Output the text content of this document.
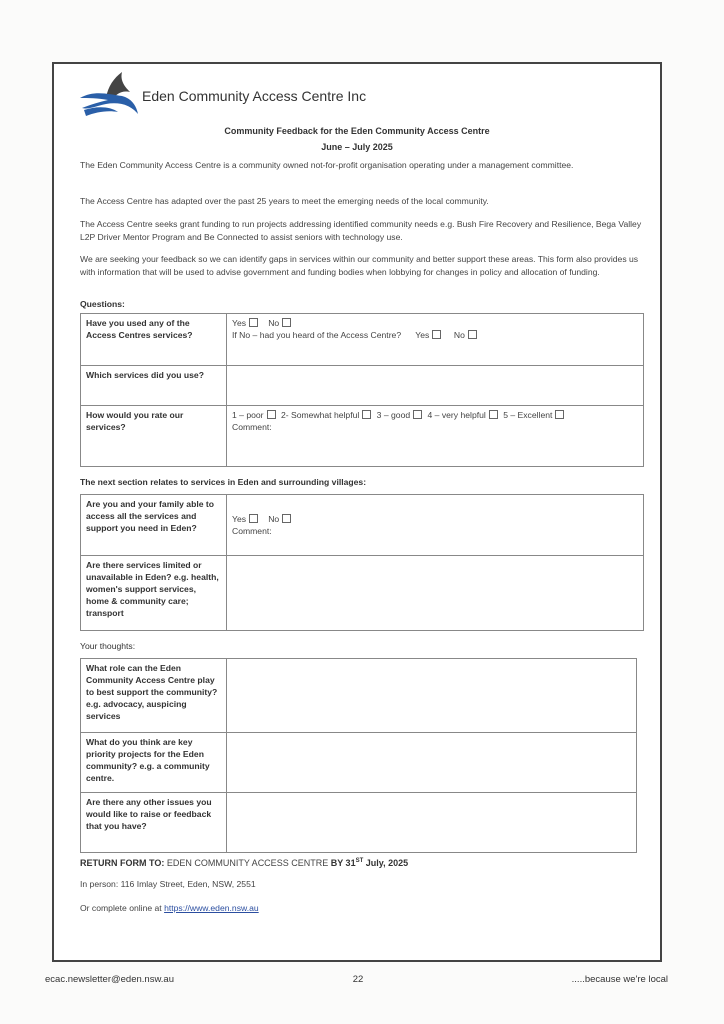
Eden Community Access Centre Inc
Community Feedback for the Eden Community Access Centre
June – July 2025

The Eden Community Access Centre is a community owned not-for-profit organisation operating under a management committee.

The Access Centre has adapted over the past 25 years to meet the emerging needs of the local community.

The Access Centre seeks grant funding to run projects addressing identified community needs e.g. Bush Fire Recovery and Resilience, Bega Valley L2P Driver Mentor Program and Be Connected to assist seniors with technology use.

We are seeking your feedback so we can identify gaps in services within our community and better support these areas. This form also provides us with information that will be used to advise government and funding bodies when lobbying for changes in policy and allocation of funding.

Questions:
Have you used any of the Access Centres services?	Yes No
If No – had you heard of the Access Centre? Yes No
Which services did you use?	
How would you rate our services?	1 – poor 2- Somewhat helpful 3 – good 4 – very helpful 5 – Excellent
Comment:
The next section relates to services in Eden and surrounding villages:
Are you and your family able to access all the services and support you need in Eden?	Yes No
Comment:
Are there services limited or unavailable in Eden? e.g. health, women's support services, home & community care; transport	
Your thoughts:
What role can the Eden Community Access Centre play to best support the community? e.g. advocacy, auspicing services	
What do you think are key priority projects for the Eden community? e.g. a community centre.	
Are there any other issues you would like to raise or feedback that you have?	
RETURN FORM TO: EDEN COMMUNITY ACCESS CENTRE BY 31ST July, 2025
In person: 116 Imlay Street, Eden, NSW, 2551
Or complete online at https://www.eden.nsw.au
ecac.newsletter@eden.nsw.au	22	.....because we're local
